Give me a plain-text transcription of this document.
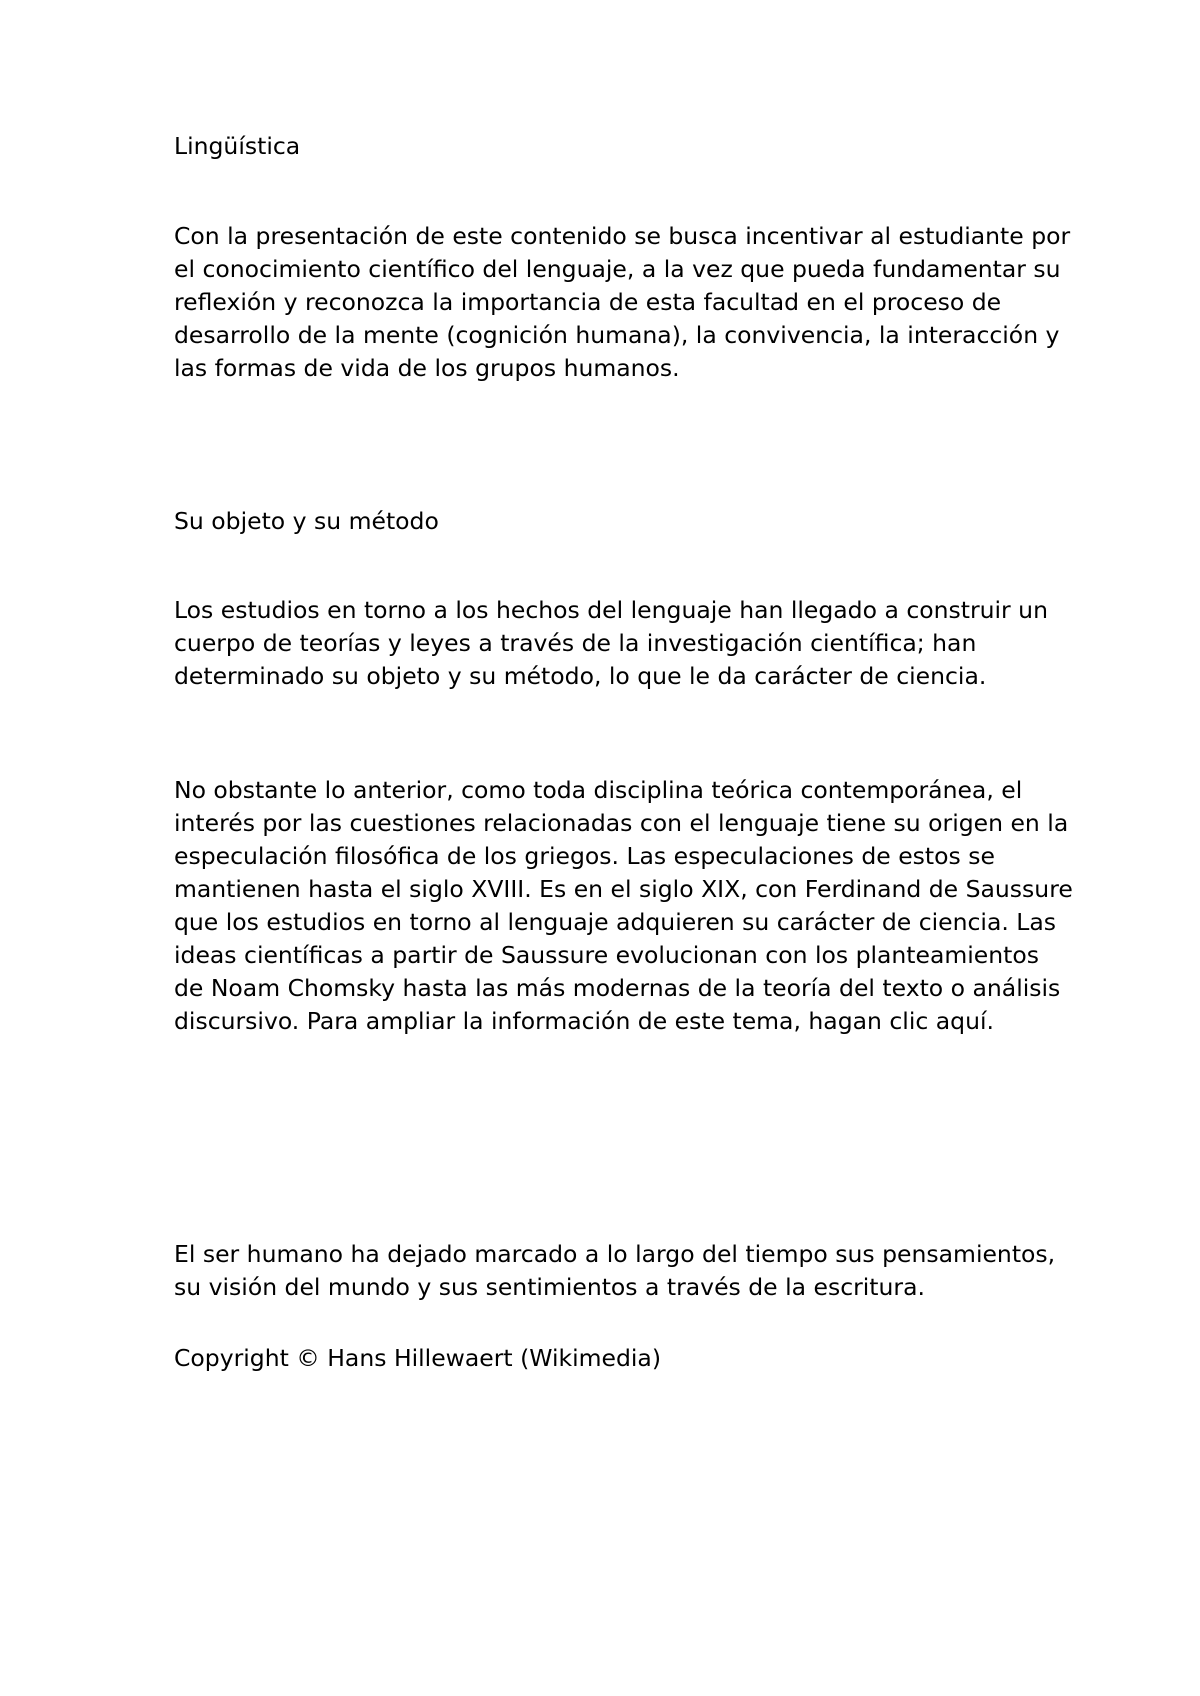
Lingüística

Con la presentación de este contenido se busca incentivar al estudiante por el conocimiento científico del lenguaje, a la vez que pueda fundamentar su reflexión y reconozca la importancia de esta facultad en el proceso de desarrollo de la mente (cognición humana), la convivencia, la interacción y las formas de vida de los grupos humanos.

Su objeto y su método

Los estudios en torno a los hechos del lenguaje han llegado a construir un cuerpo de teorías y leyes a través de la investigación científica; han determinado su objeto y su método, lo que le da carácter de ciencia.

No obstante lo anterior, como toda disciplina teórica contemporánea, el interés por las cuestiones relacionadas con el lenguaje tiene su origen en la especulación filosófica de los griegos. Las especulaciones de estos se mantienen hasta el siglo XVIII. Es en el siglo XIX, con Ferdinand de Saussure que los estudios en torno al lenguaje adquieren su carácter de ciencia. Las ideas científicas a partir de Saussure evolucionan con los planteamientos de Noam Chomsky hasta las más modernas de la teoría del texto o análisis discursivo. Para ampliar la información de este tema, hagan clic aquí.

El ser humano ha dejado marcado a lo largo del tiempo sus pensamientos, su visión del mundo y sus sentimientos a través de la escritura.

Copyright © Hans Hillewaert (Wikimedia)
